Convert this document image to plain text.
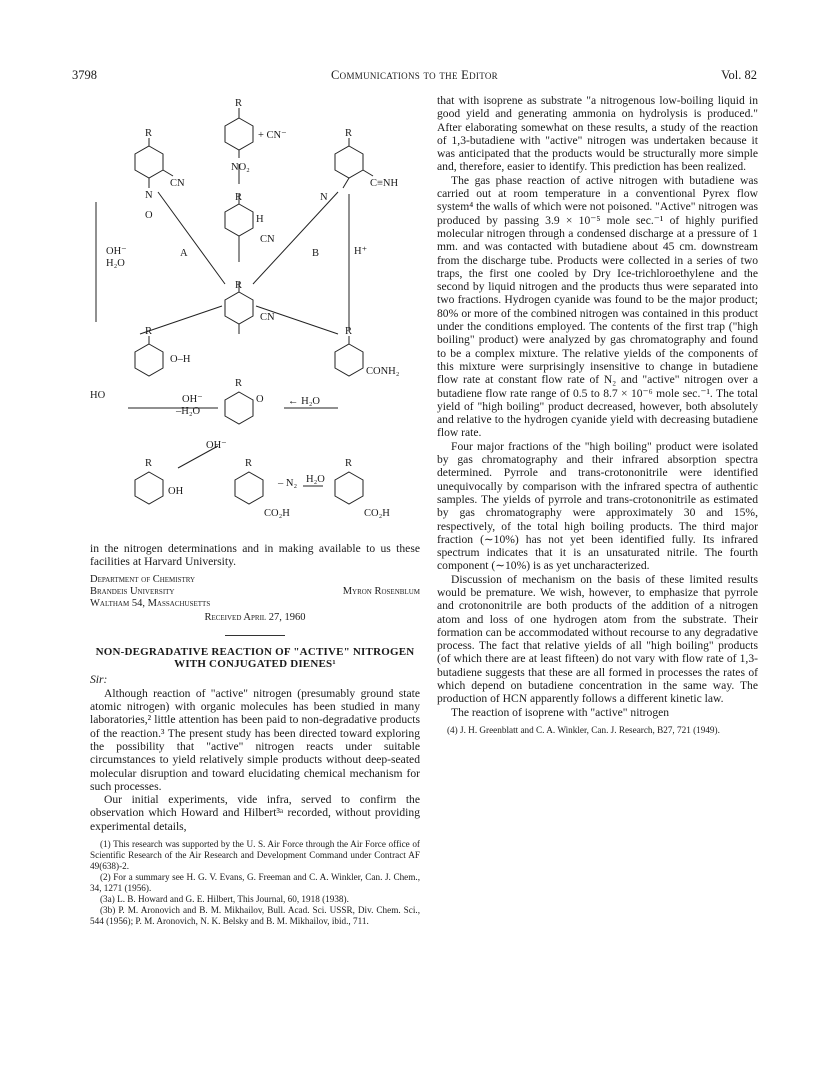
3798	Communications to the Editor	Vol. 82
R
+ CN⁻
NO₂
R
CN
N
O
R
C≡NH
N
R
H
CN
OH⁻
H₂O
A	B	H⁺
R
CN
R
O–H
HO
R
CONH₂
R
O
OH⁻
–H₂O
← H₂O
R
OH
OH⁻
R
CO₂H
– N₂ H₂O
R
CO₂H

in the nitrogen determinations and in making available to us these facilities at Harvard University.

Department of Chemistry
Brandeis University	Myron Rosenblum
Waltham 54, Massachusetts
Received April 27, 1960
NON-DEGRADATIVE REACTION OF "ACTIVE" NITROGEN WITH CONJUGATED DIENES¹
Sir:

Although reaction of "active" nitrogen (presumably ground state atomic nitrogen) with organic molecules has been studied in many laboratories,² little attention has been paid to non-degradative products of the reaction.³ The present study has been directed toward exploring the possibility that "active" nitrogen reacts under suitable circumstances to yield relatively simple products without deep-seated molecular disruption and toward elucidating chemical mechanism for such processes.

Our initial experiments, vide infra, served to confirm the observation which Howard and Hilbert³ᵃ recorded, without providing experimental details,

(1) This research was supported by the U. S. Air Force through the Air Force office of Scientific Research of the Air Research and Development Command under Contract AF 49(638)-2.

(2) For a summary see H. G. V. Evans, G. Freeman and C. A. Winkler, Can. J. Chem., 34, 1271 (1956).

(3a) L. B. Howard and G. E. Hilbert, This Journal, 60, 1918 (1938).

(3b) P. M. Aronovich and B. M. Mikhailov, Bull. Acad. Sci. USSR, Div. Chem. Sci., 544 (1956); P. M. Aronovich, N. K. Belsky and B. M. Mikhailov, ibid., 711.

that with isoprene as substrate "a nitrogenous low-boiling liquid in good yield and generating ammonia on hydrolysis is produced." After elaborating somewhat on these results, a study of the reaction of 1,3-butadiene with "active" nitrogen was undertaken because it was anticipated that the products would be structurally more simple and, therefore, easier to identify. This prediction has been realized.

The gas phase reaction of active nitrogen with butadiene was carried out at room temperature in a conventional Pyrex flow system⁴ the walls of which were not poisoned. "Active" nitrogen was produced by passing 3.9 × 10⁻⁵ mole sec.⁻¹ of highly purified molecular nitrogen through a condensed discharge at a pressure of 1 mm. and was contacted with butadiene about 45 cm. downstream from the discharge tube. Products were collected in a series of two traps, the first one cooled by Dry Ice-trichloroethylene and the second by liquid nitrogen and the products thus were separated into two fractions. Hydrogen cyanide was found to be the major product; 80% or more of the combined nitrogen was contained in this product under the conditions employed. The contents of the first trap ("high boiling" product) were analyzed by gas chromatography and found to be a complex mixture. The relative yields of the components of this mixture were surprisingly insensitive to change in butadiene flow rate at constant flow rate of N₂ and "active" nitrogen over a butadiene flow rate range of 0.5 to 8.7 × 10⁻⁶ mole sec.⁻¹. The total yield of "high boiling" product decreased, however, both absolutely and relative to the hydrogen cyanide yield with decreasing butadiene flow rate.

Four major fractions of the "high boiling" product were isolated by gas chromatography and their infrared absorption spectra determined. Pyrrole and trans-crotononitrile were identified unequivocally by comparison with the infrared spectra of authentic samples. The yields of pyrrole and trans-crotononitrile as estimated by gas chromatography were approximately 30 and 15%, respectively, of the total high boiling products. The third major fraction (∼10%) has not yet been identified fully. Its infrared spectrum indicates that it is an unsaturated nitrile. The fourth component (∼10%) is as yet uncharacterized.

Discussion of mechanism on the basis of these limited results would be premature. We wish, however, to emphasize that pyrrole and crotononitrile are both products of the addition of a nitrogen atom and loss of one hydrogen atom from the substrate. Their formation can be accommodated without recourse to any degradative process. The fact that relative yields of all "high boiling" products (of which there are at least fifteen) do not vary with flow rate of 1,3-butadiene suggests that these are all formed in processes the rates of which depend on butadiene concentration in the same way. The production of HCN apparently follows a different kinetic law.

The reaction of isoprene with "active" nitrogen

(4) J. H. Greenblatt and C. A. Winkler, Can. J. Research, B27, 721 (1949).
